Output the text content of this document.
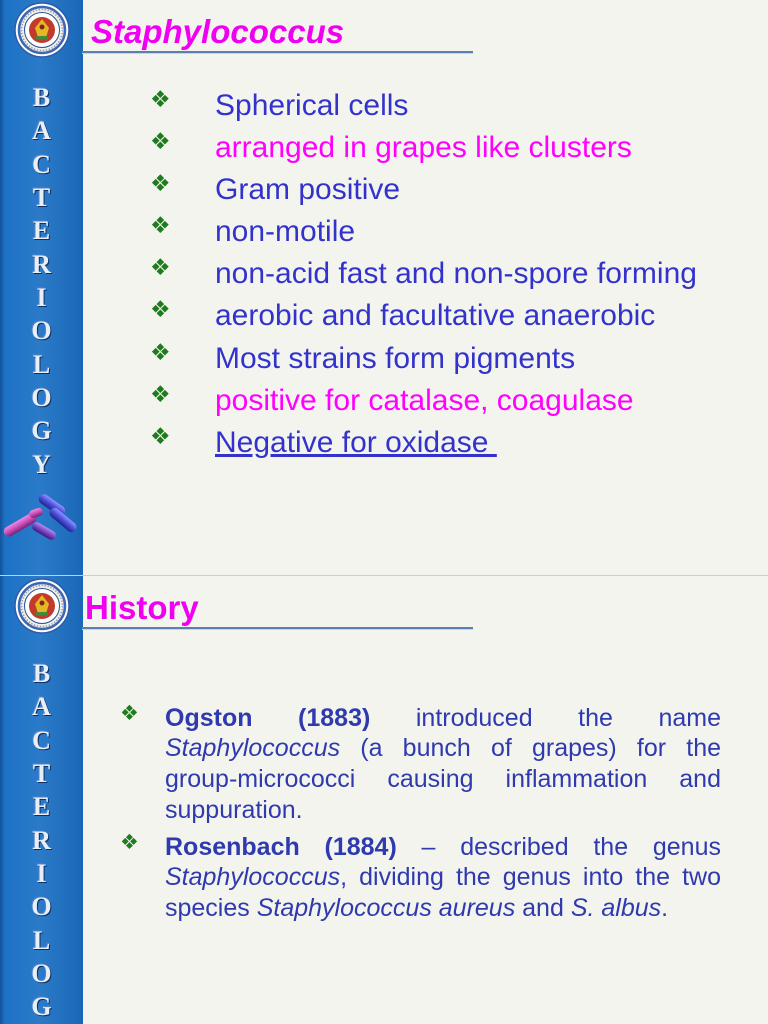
B
A
C
T
E
R
I
O
L
O
G
Y
Staphylococcus
❖
Spherical cells
❖
arranged in grapes like clusters
❖
Gram positive
❖
non-motile
❖
non-acid fast and non-spore forming
❖
aerobic and facultative anaerobic
❖
Most strains form pigments
❖
positive for catalase, coagulase
❖
Negative for oxidase
B
A
C
T
E
R
I
O
L
O
G
History

❖
Ogston (1883) introduced the name Staphylococcus (a bunch of grapes) for the group-micrococci causing inflammation and suppuration.

❖
Rosenbach (1884) – described the genus Staphylococcus, dividing the genus into the two species Staphylococcus aureus and S. albus.
